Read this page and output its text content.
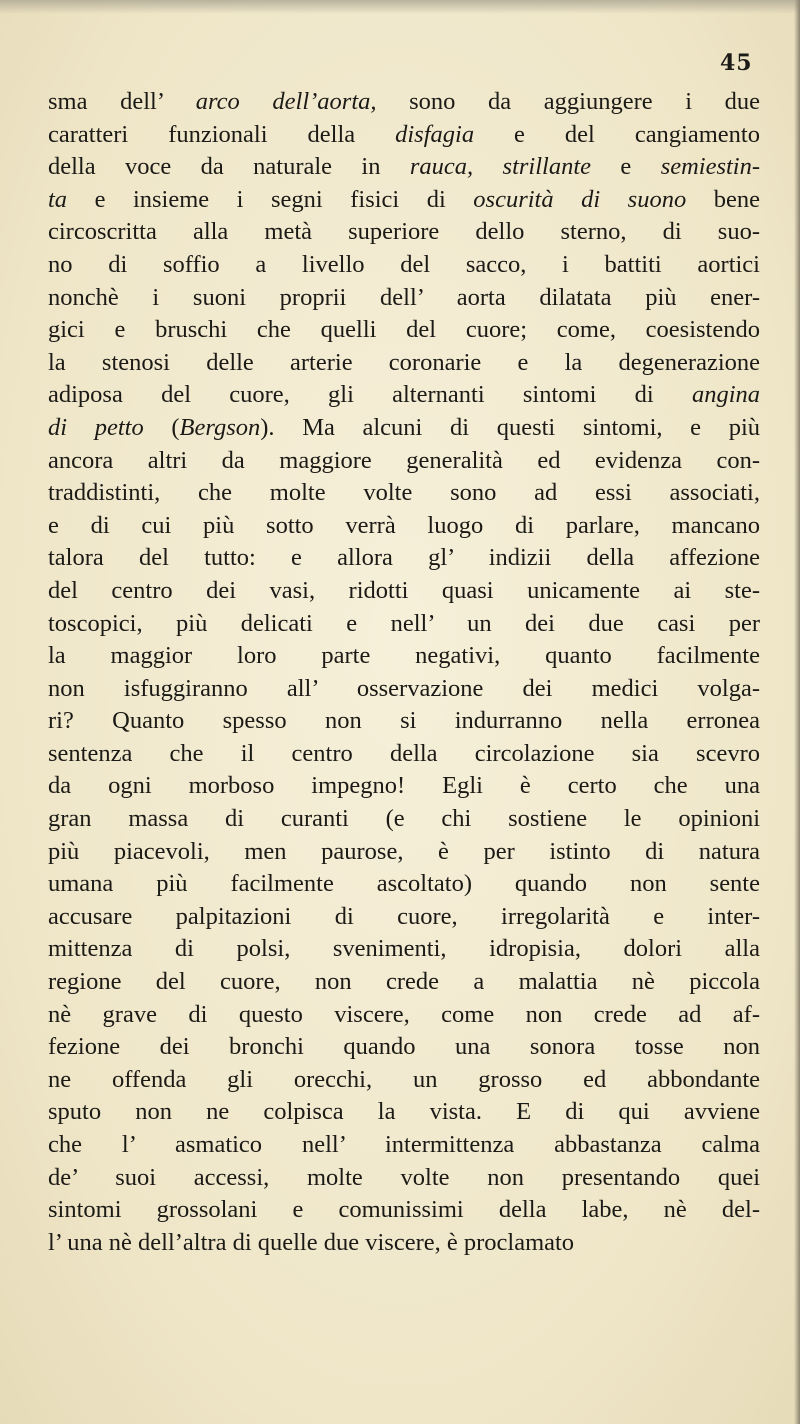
45
sma dell’ arco dell’aorta, sono da aggiungere i due
caratteri funzionali della disfagia e del cangiamento
della voce da naturale in rauca, strillante e semiestin-
ta e insieme i segni fisici di oscurità di suono bene
circoscritta alla metà superiore dello sterno, di suo-
no di soffio a livello del sacco, i battiti aortici
nonchè i suoni proprii dell’ aorta dilatata più ener-
gici e bruschi che quelli del cuore; come, coesistendo
la stenosi delle arterie coronarie e la degenerazione
adiposa del cuore, gli alternanti sintomi di angina
di petto (Bergson). Ma alcuni di questi sintomi, e più
ancora altri da maggiore generalità ed evidenza con-
traddistinti, che molte volte sono ad essi associati,
e di cui più sotto verrà luogo di parlare, mancano
talora del tutto: e allora gl’ indizii della affezione
del centro dei vasi, ridotti quasi unicamente ai ste-
toscopici, più delicati e nell’ un dei due casi per
la maggior loro parte negativi, quanto facilmente
non isfuggiranno all’ osservazione dei medici volga-
ri? Quanto spesso non si indurranno nella erronea
sentenza che il centro della circolazione sia scevro
da ogni morboso impegno! Egli è certo che una
gran massa di curanti (e chi sostiene le opinioni
più piacevoli, men paurose, è per istinto di natura
umana più facilmente ascoltato) quando non sente
accusare palpitazioni di cuore, irregolarità e inter-
mittenza di polsi, svenimenti, idropisia, dolori alla
regione del cuore, non crede a malattia nè piccola
nè grave di questo viscere, come non crede ad af-
fezione dei bronchi quando una sonora tosse non
ne offenda gli orecchi, un grosso ed abbondante
sputo non ne colpisca la vista. E di qui avviene
che l’ asmatico nell’ intermittenza abbastanza calma
de’ suoi accessi, molte volte non presentando quei
sintomi grossolani e comunissimi della labe, nè del-
l’ una nè dell’altra di quelle due viscere, è proclamato
